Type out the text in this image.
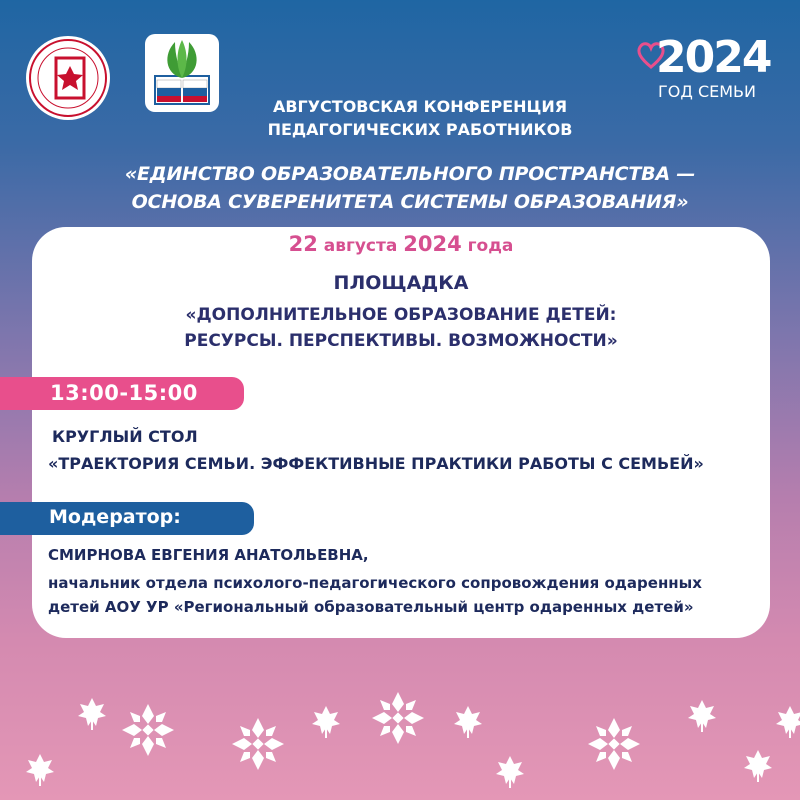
2024
ГОД СЕМЬИ
АВГУСТОВСКАЯ КОНФЕРЕНЦИЯ
ПЕДАГОГИЧЕСКИХ РАБОТНИКОВ
«ЕДИНСТВО ОБРАЗОВАТЕЛЬНОГО ПРОСТРАНСТВА —
ОСНОВА СУВЕРЕНИТЕТА СИСТЕМЫ ОБРАЗОВАНИЯ»
22 августа 2024 года
ПЛОЩАДКА
«ДОПОЛНИТЕЛЬНОЕ ОБРАЗОВАНИЕ ДЕТЕЙ:
РЕСУРСЫ. ПЕРСПЕКТИВЫ. ВОЗМОЖНОСТИ»
13:00-15:00
КРУГЛЫЙ СТОЛ
«ТРАЕКТОРИЯ СЕМЬИ. ЭФФЕКТИВНЫЕ ПРАКТИКИ РАБОТЫ С СЕМЬЕЙ»
Модератор:
СМИРНОВА ЕВГЕНИЯ АНАТОЛЬЕВНА,
начальник отдела психолого-педагогического сопровождения одаренных
детей АОУ УР «Региональный образовательный центр одаренных детей»
